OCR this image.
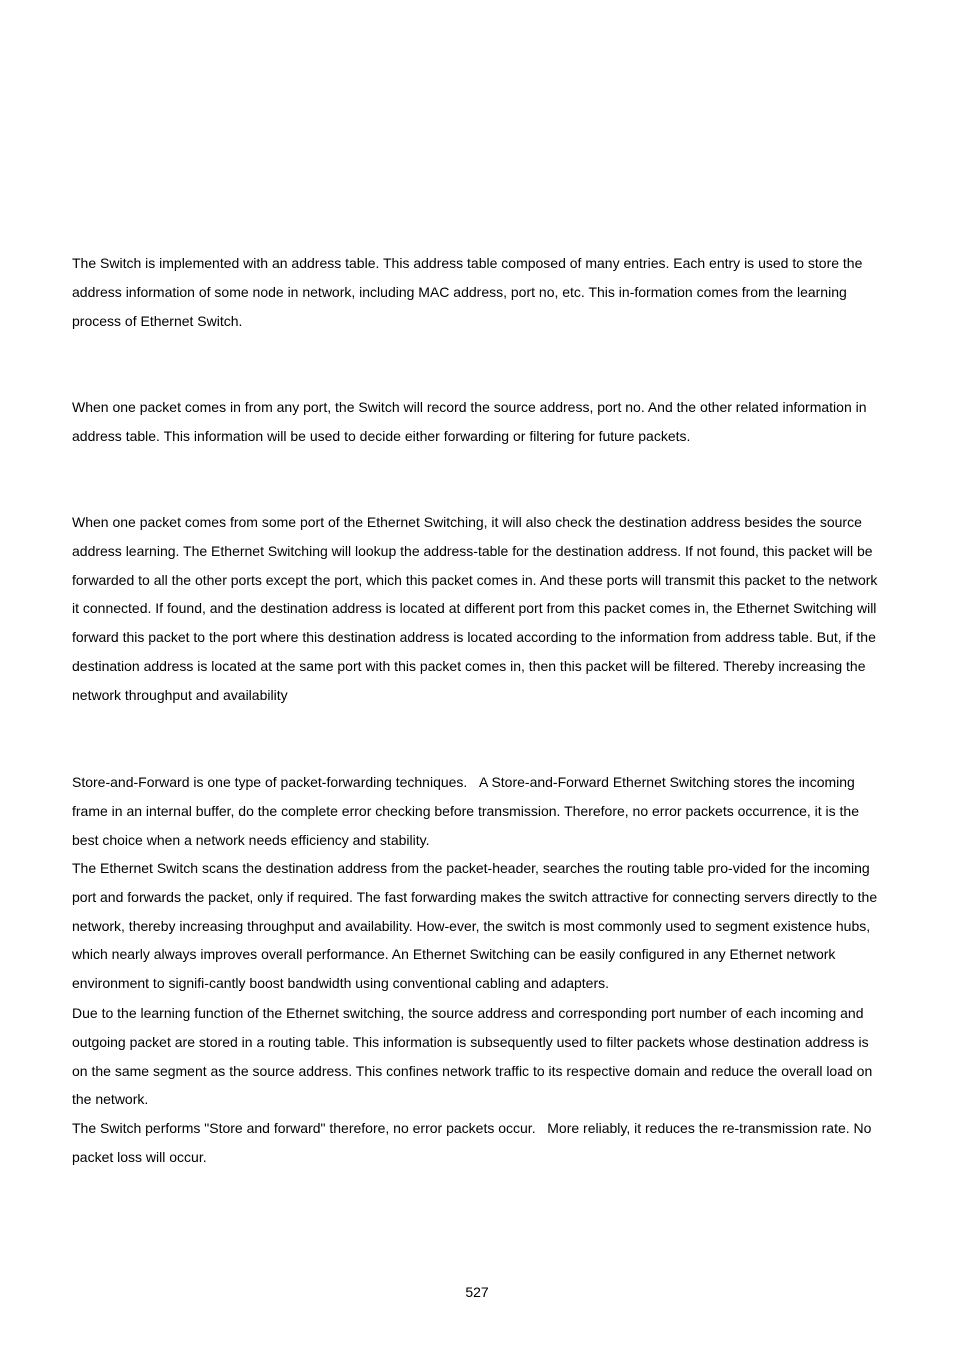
The Switch is implemented with an address table. This address table composed of many entries. Each entry is used to store the address information of some node in network, including MAC address, port no, etc. This in-formation comes from the learning process of Ethernet Switch.

When one packet comes in from any port, the Switch will record the source address, port no. And the other related information in address table. This information will be used to decide either forwarding or filtering for future packets.

When one packet comes from some port of the Ethernet Switching, it will also check the destination address besides the source address learning. The Ethernet Switching will lookup the address-table for the destination address. If not found, this packet will be forwarded to all the other ports except the port, which this packet comes in. And these ports will transmit this packet to the network it connected. If found, and the destination address is located at different port from this packet comes in, the Ethernet Switching will forward this packet to the port where this destination address is located according to the information from address table. But, if the destination address is located at the same port with this packet comes in, then this packet will be filtered. Thereby increasing the network throughput and availability

Store-and-Forward is one type of packet-forwarding techniques.   A Store-and-Forward Ethernet Switching stores the incoming frame in an internal buffer, do the complete error checking before transmission. Therefore, no error packets occurrence, it is the best choice when a network needs efficiency and stability.

The Ethernet Switch scans the destination address from the packet-header, searches the routing table pro-vided for the incoming port and forwards the packet, only if required. The fast forwarding makes the switch attractive for connecting servers directly to the network, thereby increasing throughput and availability. How-ever, the switch is most commonly used to segment existence hubs, which nearly always improves overall performance. An Ethernet Switching can be easily configured in any Ethernet network environment to signifi-cantly boost bandwidth using conventional cabling and adapters.

Due to the learning function of the Ethernet switching, the source address and corresponding port number of each incoming and outgoing packet are stored in a routing table. This information is subsequently used to filter packets whose destination address is on the same segment as the source address. This confines network traffic to its respective domain and reduce the overall load on the network.

The Switch performs "Store and forward" therefore, no error packets occur.   More reliably, it reduces the re-transmission rate. No packet loss will occur.

527
